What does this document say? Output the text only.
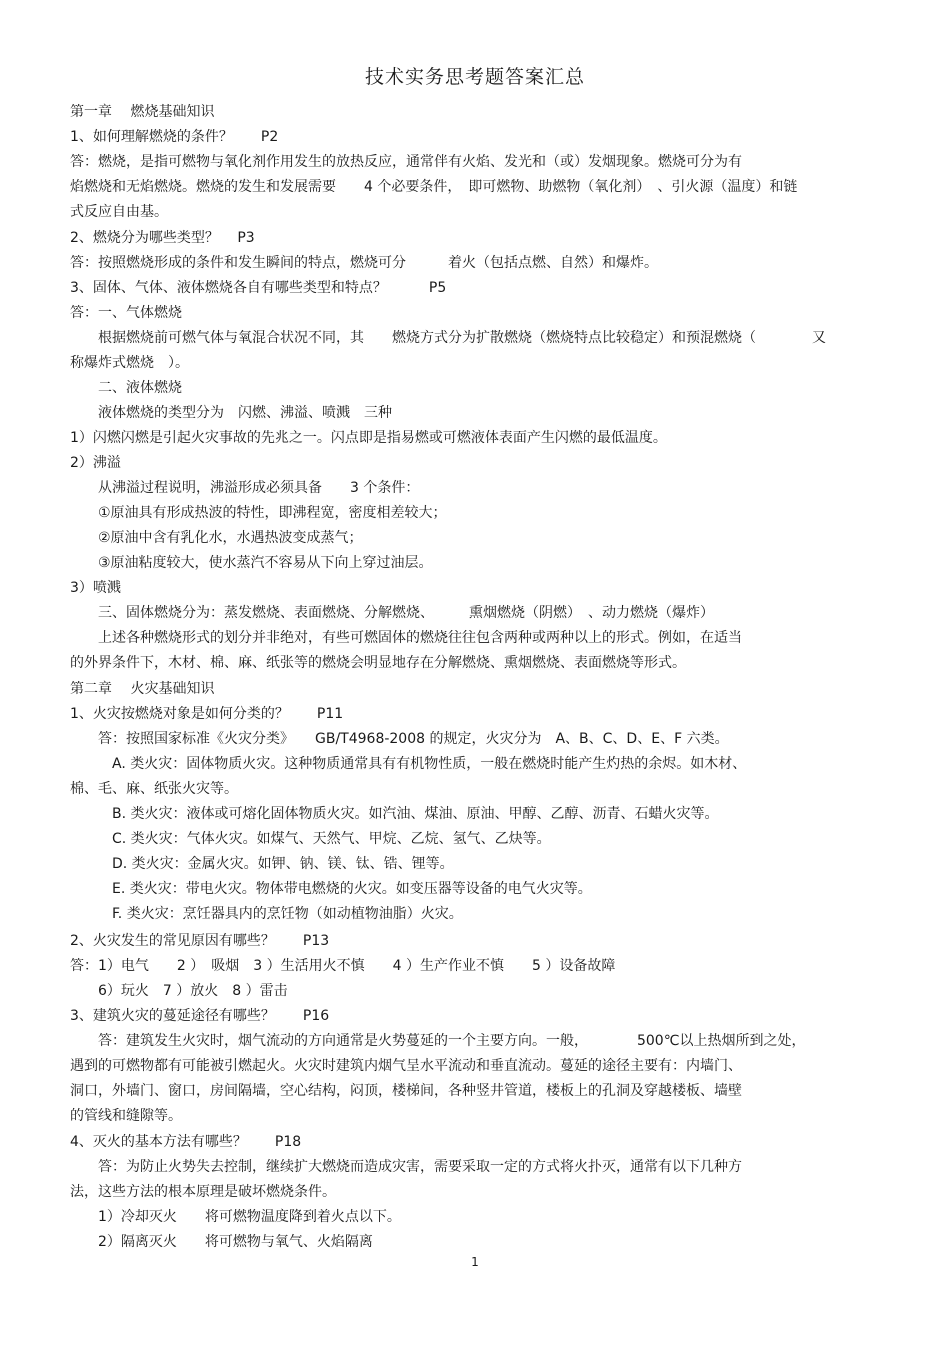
技术实务思考题答案汇总
第一章　 燃烧基础知识
1、如何理解燃烧的条件？　　P2
答：燃烧，是指可燃物与氧化剂作用发生的放热反应，通常伴有火焰、发光和（或）发烟现象。燃烧可分为有
焰燃烧和无焰燃烧。燃烧的发生和发展需要　　4 个必要条件，　即可燃物、助燃物（氧化剂）　、引火源（温度）和链
式反应自由基。
2、燃烧分为哪些类型？　 P3
答：按照燃烧形成的条件和发生瞬间的特点，燃烧可分　　　着火（包括点燃、自然）和爆炸。
3、固体、气体、液体燃烧各自有哪些类型和特点？　　　P5
答：一、气体燃烧
　　根据燃烧前可燃气体与氧混合状况不同，其　　燃烧方式分为扩散燃烧（燃烧特点比较稳定）和预混燃烧（　　　　又
称爆炸式燃烧　）。
　　二、液体燃烧
　　液体燃烧的类型分为　闪燃、沸溢、喷溅　三种
1）闪燃闪燃是引起火灾事故的先兆之一。闪点即是指易燃或可燃液体表面产生闪燃的最低温度。
2）沸溢
　　从沸溢过程说明，沸溢形成必须具备　　3 个条件：
　　①原油具有形成热波的特性，即沸程宽，密度相差较大；
　　②原油中含有乳化水，水遇热波变成蒸气；
　　③原油粘度较大，使水蒸汽不容易从下向上穿过油层。
3）喷溅
　　三、固体燃烧分为：蒸发燃烧、表面燃烧、分解燃烧、　　　熏烟燃烧（阴燃）　、动力燃烧（爆炸）
　　上述各种燃烧形式的划分并非绝对，有些可燃固体的燃烧往往包含两种或两种以上的形式。例如，在适当
的外界条件下，木材、棉、麻、纸张等的燃烧会明显地存在分解燃烧、熏烟燃烧、表面燃烧等形式。
第二章　 火灾基础知识
1、火灾按燃烧对象是如何分类的？　　P11
　　答：按照国家标准《火灾分类》　　GB/T4968-2008 的规定，火灾分为　A、B、C、D、E、F 六类。
　　　A. 类火灾：固体物质火灾。这种物质通常具有有机物性质，一般在燃烧时能产生灼热的余烬。如木材、
棉、毛、麻、纸张火灾等。
　　　B. 类火灾：液体或可熔化固体物质火灾。如汽油、煤油、原油、甲醇、乙醇、沥青、石蜡火灾等。
　　　C. 类火灾：气体火灾。如煤气、天然气、甲烷、乙烷、氢气、乙炔等。
　　　D. 类火灾：金属火灾。如钾、钠、镁、钛、锆、锂等。
　　　E. 类火灾：带电火灾。物体带电燃烧的火灾。如变压器等设备的电气火灾等。
　　　F. 类火灾：烹饪器具内的烹饪物（如动植物油脂）火灾。
2、火灾发生的常见原因有哪些？　　P13
答：1）电气　　2 ）　吸烟　3 ）生活用火不慎　　4 ）生产作业不慎　　5 ）设备故障
　　6）玩火　7 ）放火　8 ）雷击
3、建筑火灾的蔓延途径有哪些？　　P16
　　答：建筑发生火灾时，烟气流动的方向通常是火势蔓延的一个主要方向。一般，　　　　500℃以上热烟所到之处，
遇到的可燃物都有可能被引燃起火。火灾时建筑内烟气呈水平流动和垂直流动。蔓延的途径主要有：内墙门、
洞口，外墙门、窗口，房间隔墙，空心结构，闷顶，楼梯间，各种竖井管道，楼板上的孔洞及穿越楼板、墙壁
的管线和缝隙等。
4、灭火的基本方法有哪些？　　P18
　　答：为防止火势失去控制，继续扩大燃烧而造成灾害，需要采取一定的方式将火扑灭，通常有以下几种方
法，这些方法的根本原理是破坏燃烧条件。
　　1）冷却灭火　　将可燃物温度降到着火点以下。
　　2）隔离灭火　　将可燃物与氧气、火焰隔离
1
